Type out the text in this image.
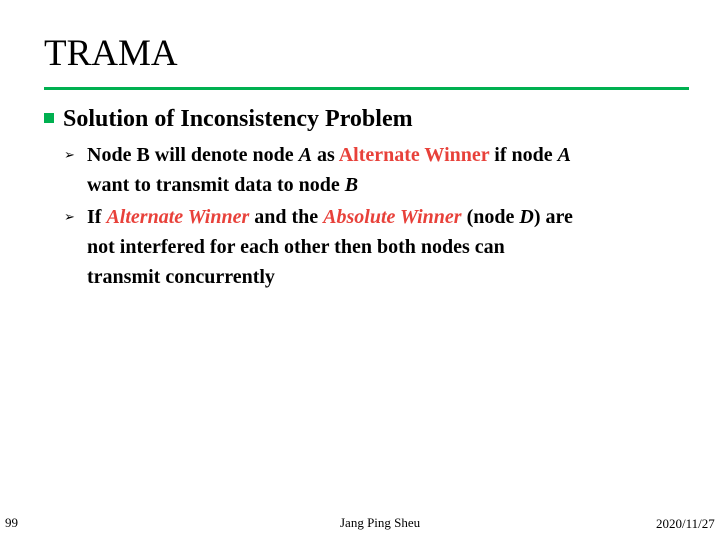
TRAMA
Solution of Inconsistency Problem
➢ Node B will denote node A as Alternate Winner if node A
want to transmit data to node B
➢ If Alternate Winner and the Absolute Winner (node D) are
not interfered for each other then both nodes can
transmit concurrently
99	Jang Ping Sheu	2020/11/27
